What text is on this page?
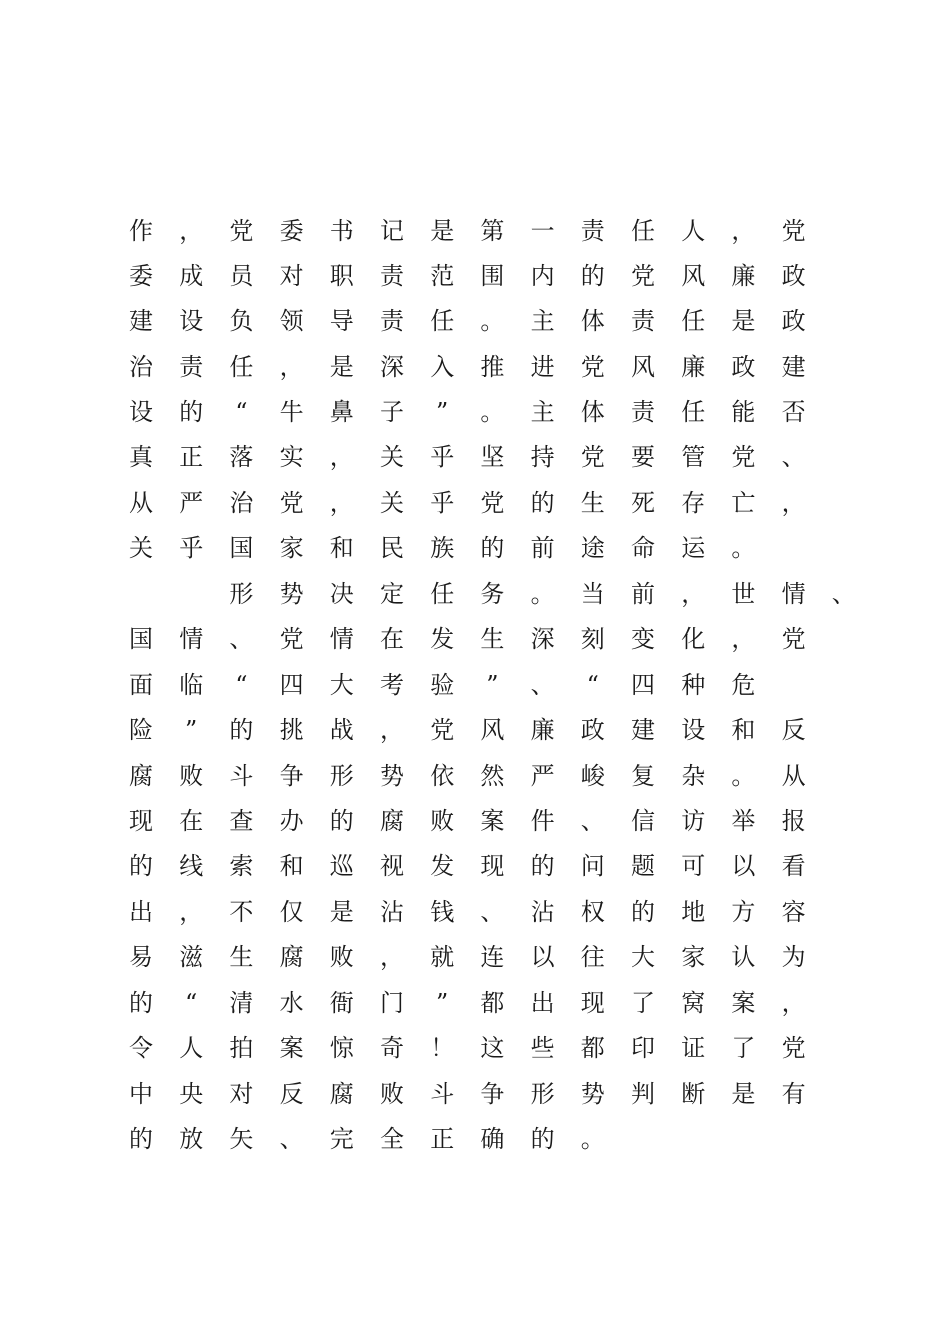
作 ， 党 委 书 记 是 第 一 责 任 人 ， 党
委 成 员 对 职 责 范 围 内 的 党 风 廉 政
建 设 负 领 导 责 任 。 主 体 责 任 是 政
治 责 任 ， 是 深 入 推 进 党 风 廉 政 建
设 的	“	牛 鼻 子	”	。 主 体 责 任 能 否
真 正 落 实 ， 关 乎 坚 持 党 要 管 党 、
从 严 治 党 ， 关 乎 党 的 生 死 存 亡 ，
关 乎 国 家 和 民 族 的 前 途 命 运 。

形 势 决 定 任 务 。 当 前 ， 世 情 、
国 情 、 党 情 在 发 生 深 刻 变 化 ， 党
面 临	“	四 大 考 验	”	、	“	四 种 危
险	”	的 挑 战 ， 党 风 廉 政 建 设 和 反
腐 败 斗 争 形 势 依 然 严 峻 复 杂 。 从
现 在 查 办 的 腐 败 案 件 、 信 访 举 报
的 线 索 和 巡 视 发 现 的 问 题 可 以 看
出 ， 不 仅 是 沾 钱 、 沾 权 的 地 方 容
易 滋 生 腐 败 ， 就 连 以 往 大 家 认 为
的	“	清 水 衙 门	”	都 出 现 了 窝 案 ，
令 人 拍 案 惊 奇 ！ 这 些 都 印 证 了 党
中 央 对 反 腐 败 斗 争 形 势 判 断 是 有
的 放 矢 、 完 全 正 确 的 。
